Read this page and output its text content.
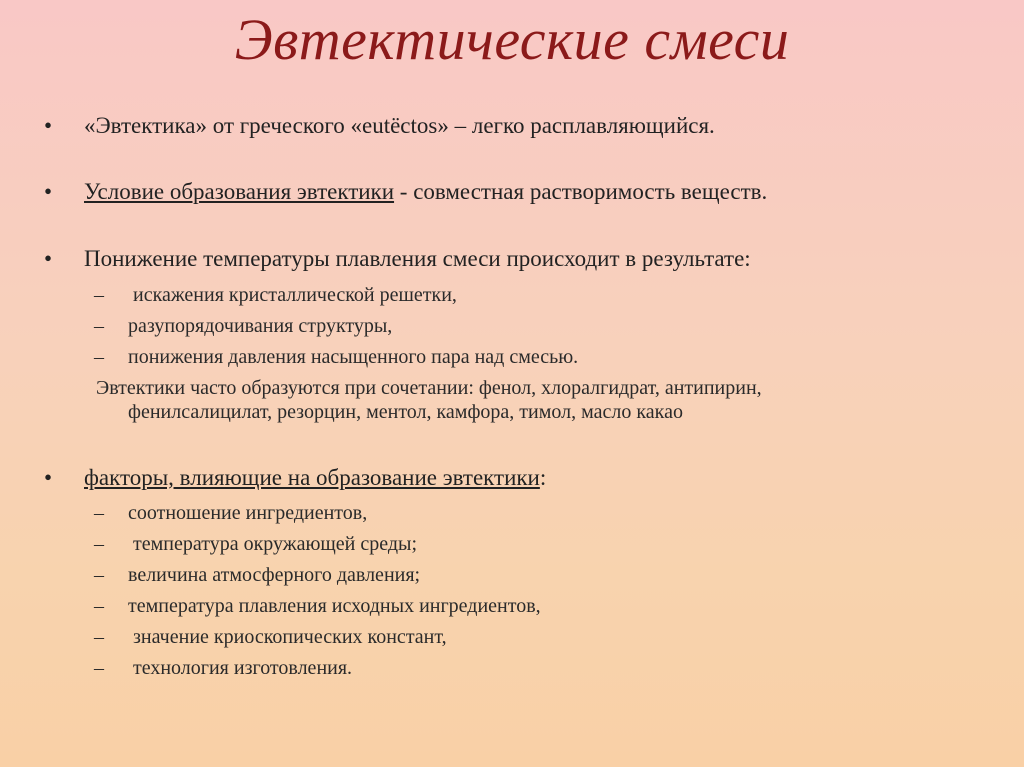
Эвтектические смеси
• «Эвтектика» от греческого «eutёctos» – легко расплавляющийся.
• Условие образования эвтектики - совместная растворимость веществ.
• Понижение температуры плавления смеси происходит в результате:
– искажения кристаллической решетки,
– разупорядочивания структуры,
– понижения давления насыщенного пара над смесью.
Эвтектики часто образуются при сочетании: фенол, хлоралгидрат, антипирин,
фенилсалицилат, резорцин, ментол, камфора, тимол, масло какао
• факторы, влияющие на образование эвтектики:
– соотношение ингредиентов,
– температура окружающей среды;
– величина атмосферного давления;
– температура плавления исходных ингредиентов,
– значение криоскопических констант,
– технология изготовления.
